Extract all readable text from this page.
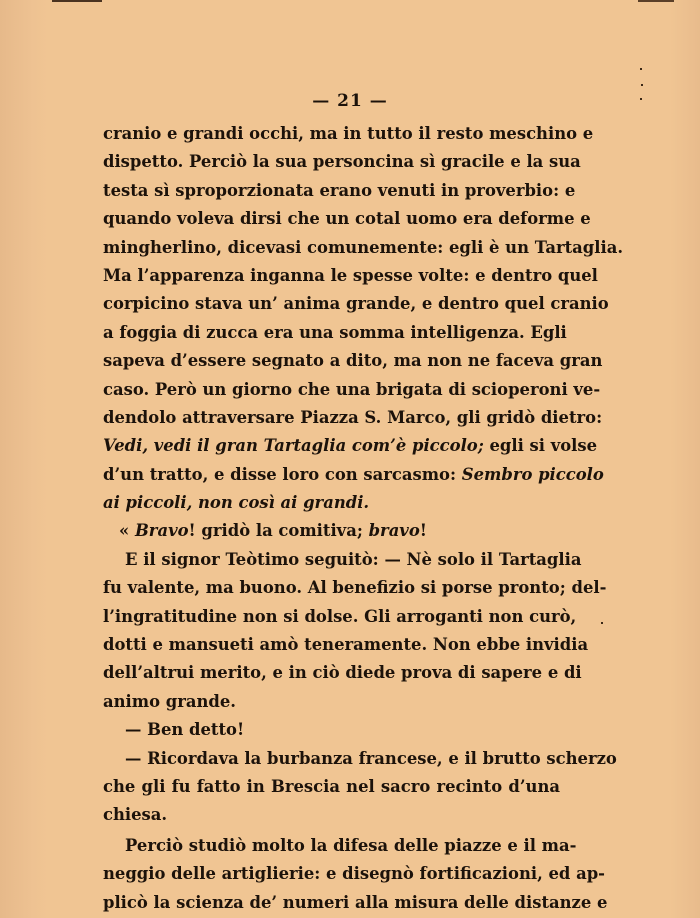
— 21 —
cranio e grandi occhi, ma in tutto il resto meschino e
dispetto. Perciò la sua personcina sì gracile e la sua
testa sì sproporzionata erano venuti in proverbio: e
quando voleva dirsi che un cotal uomo era deforme e
mingherlino, dicevasi comunemente: egli è un Tartaglia.
Ma l’apparenza inganna le spesse volte: e dentro quel
corpicino stava un’ anima grande, e dentro quel cranio
a foggia di zucca era una somma intelligenza. Egli
sapeva d’essere segnato a dito, ma non ne faceva gran
caso. Però un giorno che una brigata di scioperoni ve-
dendolo attraversare Piazza S. Marco, gli gridò dietro:
Vedi, vedi il gran Tartaglia com’è piccolo; egli si volse
d’un tratto, e disse loro con sarcasmo: Sembro piccolo
ai piccoli, non così ai grandi.
« Bravo! gridò la comitiva; bravo!
E il signor Teòtimo seguitò: — Nè solo il Tartaglia
fu valente, ma buono. Al benefizio si porse pronto; del-
l’ingratitudine non si dolse. Gli arroganti non curò,
dotti e mansueti amò teneramente. Non ebbe invidia
dell’altrui merito, e in ciò diede prova di sapere e di
animo grande.
— Ben detto!
— Ricordava la burbanza francese, e il brutto scherzo
che gli fu fatto in Brescia nel sacro recinto d’una
chiesa.
Perciò studiò molto la difesa delle piazze e il ma-
neggio delle artiglierie: e disegnò fortificazioni, ed ap-
plicò la scienza de’ numeri alla misura delle distanze e
